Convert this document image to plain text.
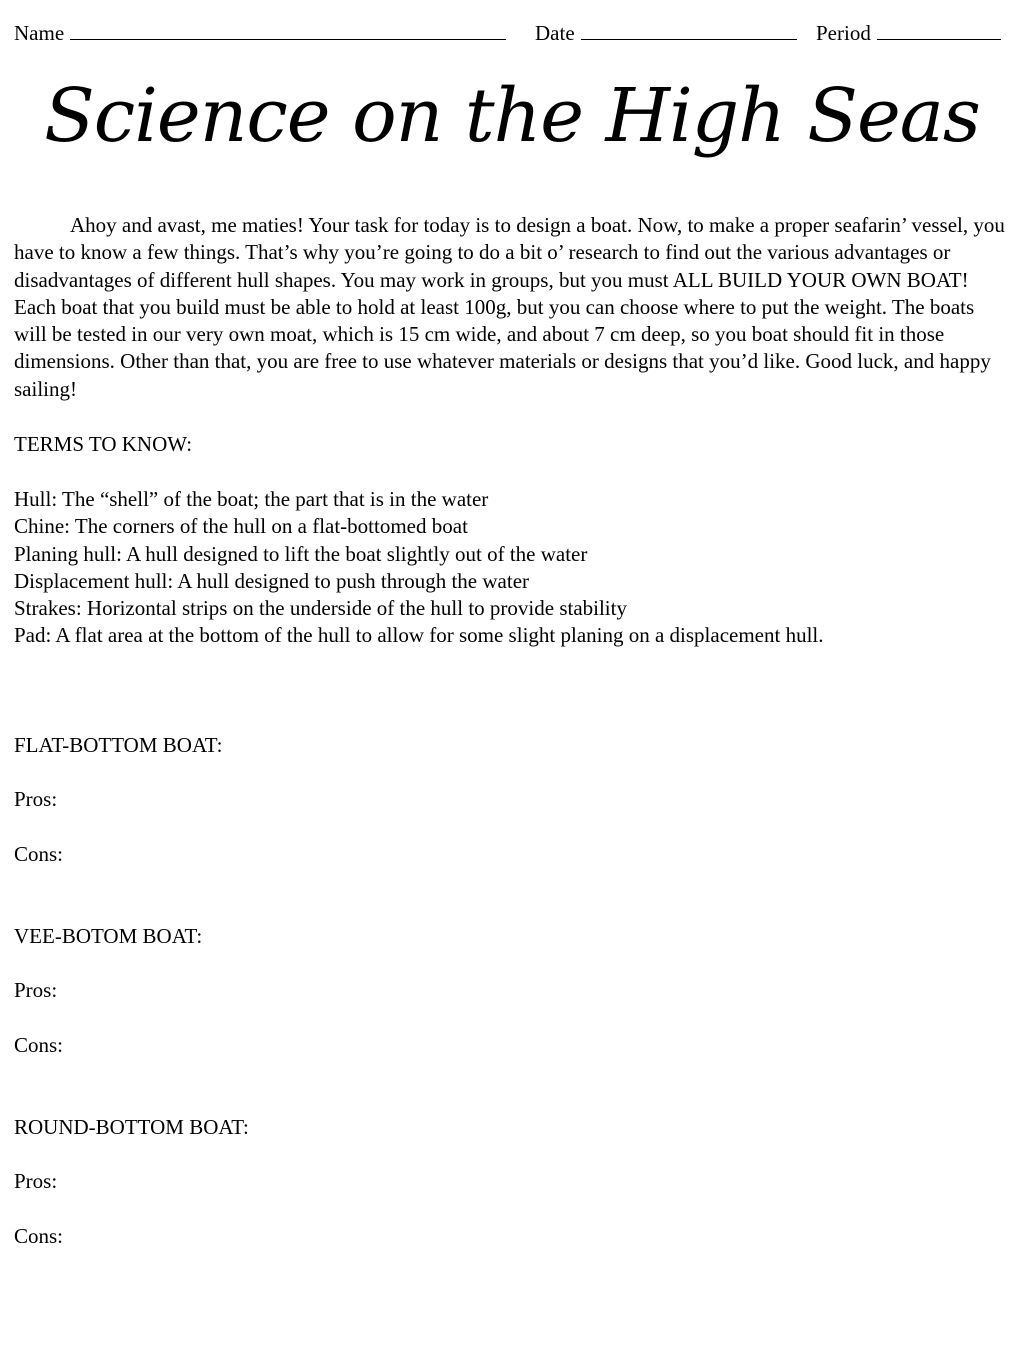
Name	Date	Period
Science on the High Seas
Ahoy and avast, me maties! Your task for today is to design a boat. Now, to make a proper seafarin’ vessel, you have to know a few things. That’s why you’re going to do a bit o’ research to find out the various advantages or disadvantages of different hull shapes. You may work in groups, but you must ALL BUILD YOUR OWN BOAT! Each boat that you build must be able to hold at least 100g, but you can choose where to put the weight. The boats will be tested in our very own moat, which is 15 cm wide, and about 7 cm deep, so you boat should fit in those dimensions. Other than that, you are free to use whatever materials or designs that you’d like. Good luck, and happy sailing!
TERMS TO KNOW:
Hull: The “shell” of the boat; the part that is in the water
Chine: The corners of the hull on a flat-bottomed boat
Planing hull: A hull designed to lift the boat slightly out of the water
Displacement hull: A hull designed to push through the water
Strakes: Horizontal strips on the underside of the hull to provide stability
Pad: A flat area at the bottom of the hull to allow for some slight planing on a displacement hull.
FLAT-BOTTOM BOAT:
Pros:
Cons:
VEE-BOTOM BOAT:
Pros:
Cons:
ROUND-BOTTOM BOAT:
Pros:
Cons:
